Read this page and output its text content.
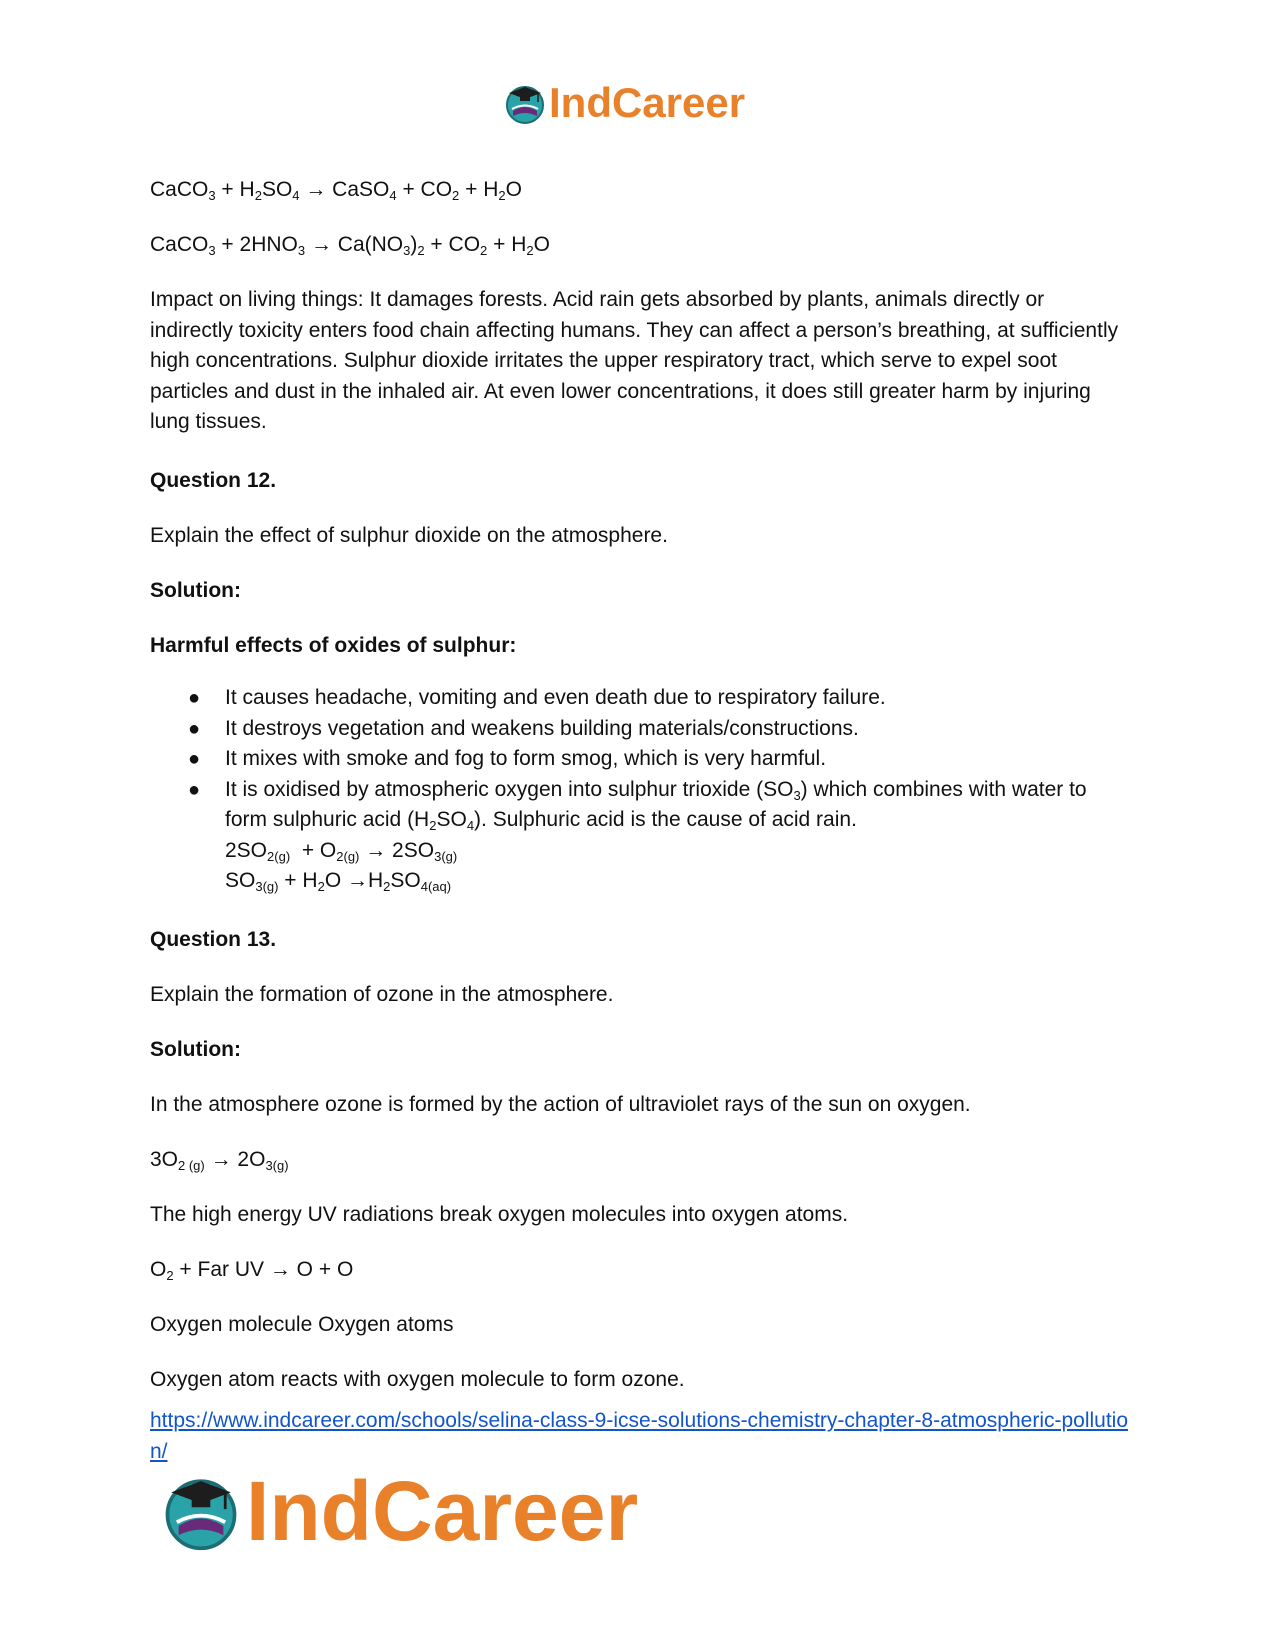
IndCareer
CaCO$_3$ + $H_2SO_4$ → CaSO$_4$ + $CO_2 + H_2O$
CaCO$_3$ + $2HNO_3 \to Ca(NO_3)_2 + CO_2 + H_2O$
Impact on living things: It damages forests. Acid rain gets absorbed by plants, animals directly or indirectly toxicity enters food chain affecting humans. They can affect a person’s breathing, at sufficiently high concentrations. Sulphur dioxide irritates the upper respiratory tract, which serve to expel soot particles and dust in the inhaled air. At even lower concentrations, it does still greater harm by injuring lung tissues.
Question 12.
Explain the effect of sulphur dioxide on the atmosphere.
Solution:
Harmful effects of oxides of sulphur:
● It causes headache, vomiting and even death due to respiratory failure.
● It destroys vegetation and weakens building materials/constructions.
● It mixes with smoke and fog to form smog, which is very harmful.
● It is oxidised by atmospheric oxygen into sulphur trioxide $(SO_3)$ which combines with water to form sulphuric acid $(H_2SO_4)$. Sulphuric acid is the cause of acid rain.
$2SO_{2(g)} + O_{2(g)} \to 2SO_{3(g)}$
$SO_{3(g)} + H_2O \to H_2SO_{4(aq)}$
Question 13.
Explain the formation of ozone in the atmosphere.
Solution:
In the atmosphere ozone is formed by the action of ultraviolet rays of the sun on oxygen.
$3O_{2 (g)} \to 2O_{3(g)}$
The high energy UV radiations break oxygen molecules into oxygen atoms.
$O_2$ + Far UV → O + O
Oxygen molecule Oxygen atoms
Oxygen atom reacts with oxygen molecule to form ozone.
https://www.indcareer.com/schools/selina-class-9-icse-solutions-chemistry-chapter-8-atmospheric-pollution/
IndCareer
